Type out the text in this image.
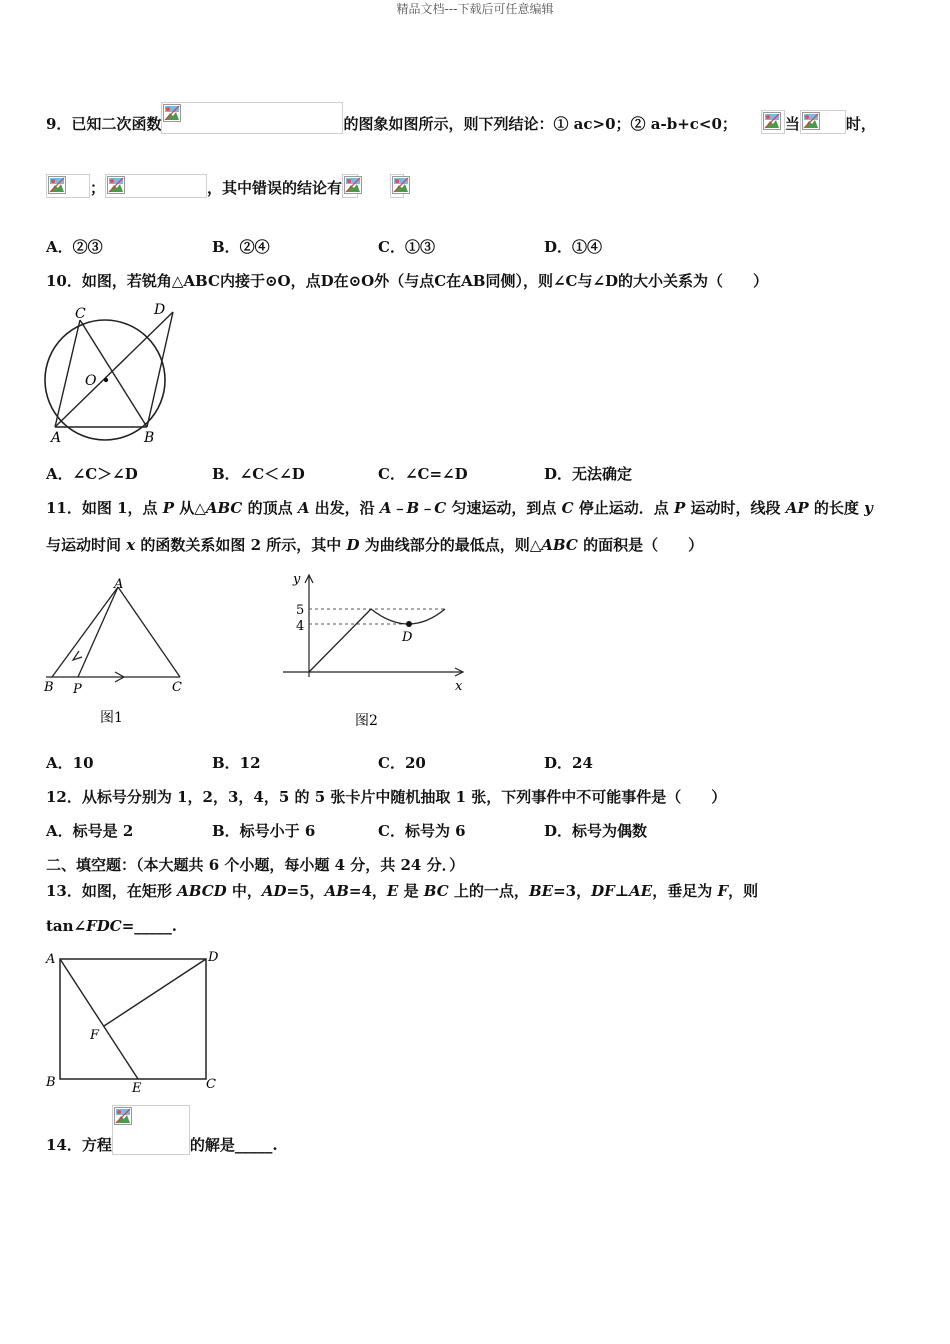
精品文档---下载后可任意编辑
9．已知二次函数	的图象如图所示，则下列结论：① ac>0；② a-b+c<0；	当	时，
；	，其中错误的结论有
A．②③	B．②④	C．①③	D．①④
10．如图，若锐角△ABC内接于⊙O，点D在⊙O外（与点C在AB同侧），则∠C与∠D的大小关系为（　　）
C	D
O
A	B
A．∠C＞∠D	B．∠C＜∠D	C．∠C=∠D	D．无法确定
11．如图 1，点 P 从△ABC 的顶点 A 出发，沿 A﹣B﹣C 匀速运动，到点 C 停止运动．点 P 运动时，线段 AP 的长度 y
与运动时间 x 的函数关系如图 2 所示，其中 D 为曲线部分的最低点，则△ABC 的面积是（　　）
A
B P	C
图1
y
x
5
4
D
图2
A．10	B．12	C．20	D．24
12．从标号分别为 1，2，3，4，5 的 5 张卡片中随机抽取 1 张，下列事件中不可能事件是（　　）
A．标号是 2	B．标号小于 6	C．标号为 6	D．标号为偶数
二、填空题：（本大题共 6 个小题，每小题 4 分，共 24 分．）
13．如图，在矩形 ABCD 中，AD=5，AB=4，E 是 BC 上的一点，BE=3，DF⊥AE，垂足为 F，则
tan∠FDC=_____.
A	D
F
B	E	C
14．方程	的解是_____.
